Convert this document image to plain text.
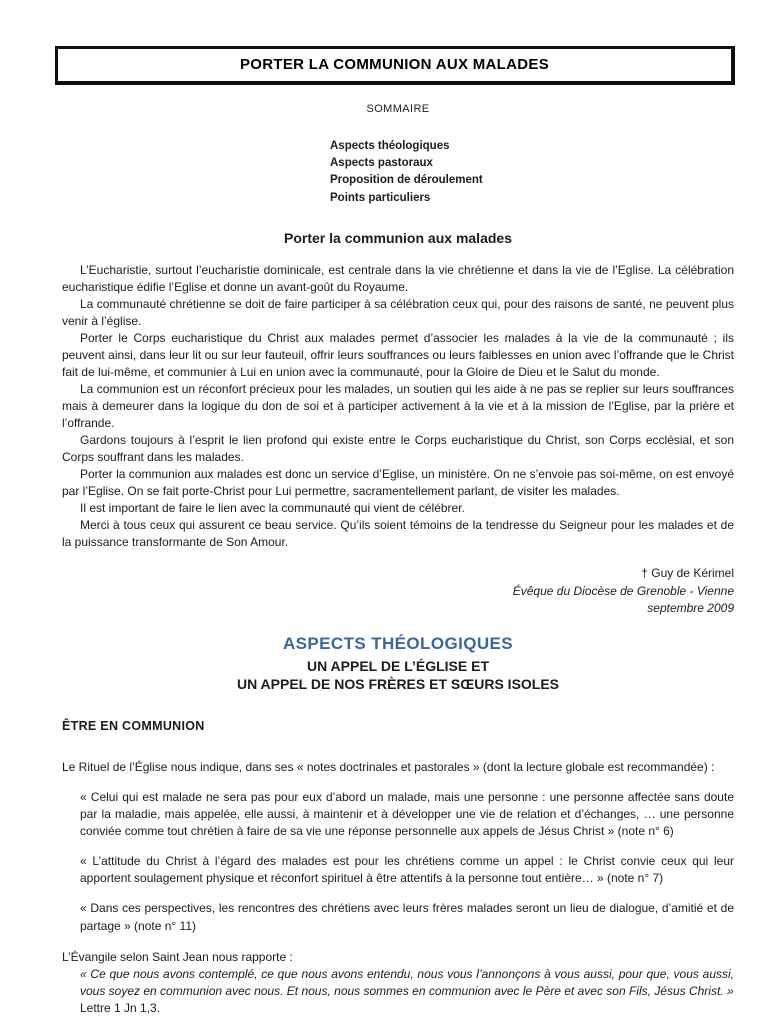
PORTER LA COMMUNION AUX MALADES
SOMMAIRE
Aspects théologiques
Aspects pastoraux
Proposition de déroulement
Points particuliers
Porter la communion aux malades

L’Eucharistie, surtout l’eucharistie dominicale, est centrale dans la vie chrétienne et dans la vie de l’Eglise. La célébration eucharistique édifie l’Eglise et donne un avant-goût du Royaume.

La communauté chrétienne se doit de faire participer à sa célébration ceux qui, pour des raisons de santé, ne peuvent plus venir à l’église.

Porter le Corps eucharistique du Christ aux malades permet d’associer les malades à la vie de la communauté ; ils peuvent ainsi, dans leur lit ou sur leur fauteuil, offrir leurs souffrances ou leurs faiblesses en union avec l’offrande que le Christ fait de lui-même, et communier à Lui en union avec la communauté, pour la Gloire de Dieu et le Salut du monde.

La communion est un réconfort précieux pour les malades, un soutien qui les aide à ne pas se replier sur leurs souffrances mais à demeurer dans la logique du don de soi et à participer activement à la vie et à la mission de l’Eglise, par la prière et l’offrande.

Gardons toujours à l’esprit le lien profond qui existe entre le Corps eucharistique du Christ, son Corps ecclésial, et son Corps souffrant dans les malades.

Porter la communion aux malades est donc un service d’Eglise, un ministère. On ne s’envoie pas soi-même, on est envoyé par l’Eglise. On se fait porte-Christ pour Lui permettre, sacramentellement parlant, de visiter les malades.

Il est important de faire le lien avec la communauté qui vient de célébrer.

Merci à tous ceux qui assurent ce beau service. Qu’ils soient témoins de la tendresse du Seigneur pour les malades et de la puissance transformante de Son Amour.

† Guy de Kérimel
Évêque du Diocèse de Grenoble - Vienne
septembre 2009
ASPECTS THÉOLOGIQUES
UN APPEL DE L’ÉGLISE ET
UN APPEL DE NOS FRÈRES ET SŒURS ISOLES
ÊTRE EN COMMUNION

Le Rituel de l’Église nous indique, dans ses « notes doctrinales et pastorales » (dont la lecture globale est recommandée) :

« Celui qui est malade ne sera pas pour eux d’abord un malade, mais une personne : une personne affectée sans doute par la maladie, mais appelée, elle aussi, à maintenir et à développer une vie de relation et d’échanges, … une personne conviée comme tout chrétien à faire de sa vie une réponse personnelle aux appels de Jésus Christ » (note n° 6)

« L’attitude du Christ à l’égard des malades est pour les chrétiens comme un appel : le Christ convie ceux qui leur apportent soulagement physique et réconfort spirituel à être attentifs à la personne tout entière… » (note n° 7)

« Dans ces perspectives, les rencontres des chrétiens avec leurs frères malades seront un lieu de dialogue, d’amitié et de partage » (note n° 11)

L’Évangile selon Saint Jean nous rapporte :

« Ce que nous avons contemplé, ce que nous avons entendu, nous vous l’annonçons à vous aussi, pour que, vous aussi, vous soyez en communion avec nous. Et nous, nous sommes en communion avec le Père et avec son Fils, Jésus Christ. »

Lettre 1 Jn 1,3.
